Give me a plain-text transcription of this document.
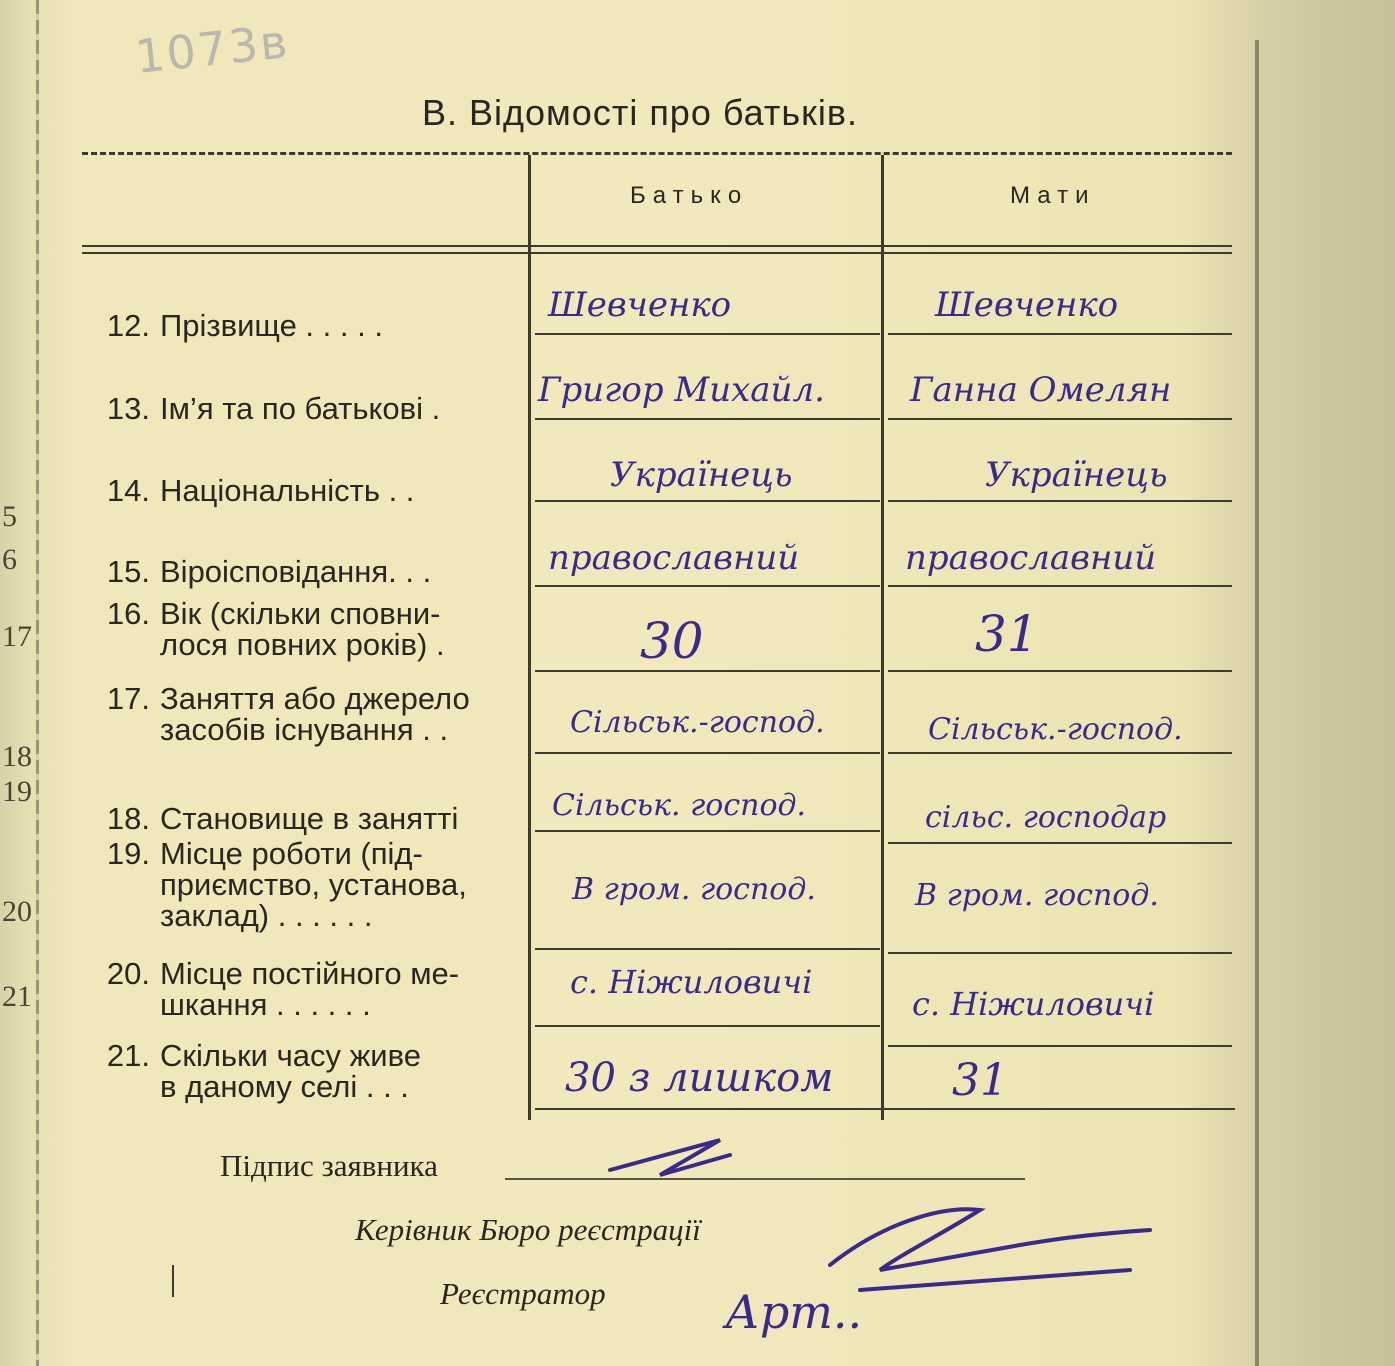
5
6
17
18
19
20
21
1073в
В. Відомості про батьків.
Батько	Мати
12. Прізвище . . . . .
13. Ім’я та по батькові .
14. Національність . .
15. Віроісповідання. . .
16. Вік (скільки сповни-
лося повних років) .
17. Заняття або джерело
засобів існування . .
18. Становище в занятті
19. Місце роботи (під-
приємство, установа,
заклад) . . . . . .
20. Місце постійного ме-
шкання . . . . . .
21. Скільки часу живе
в даному селі . . .
Шевченко
Григор Михайл.
Українець
православний
30
Сільськ.-господ.
Сільськ. господ.
В гром. господ.
с. Ніжиловичі
30 з лишком
Шевченко
Ганна Омелян
Українець
православний
31
Сільськ.-господ.
сільс. господар
В гром. господ.
с. Ніжиловичі
31
Підпис заявника
Керівник Бюро реєстрації
Реєстратор	Арт..
